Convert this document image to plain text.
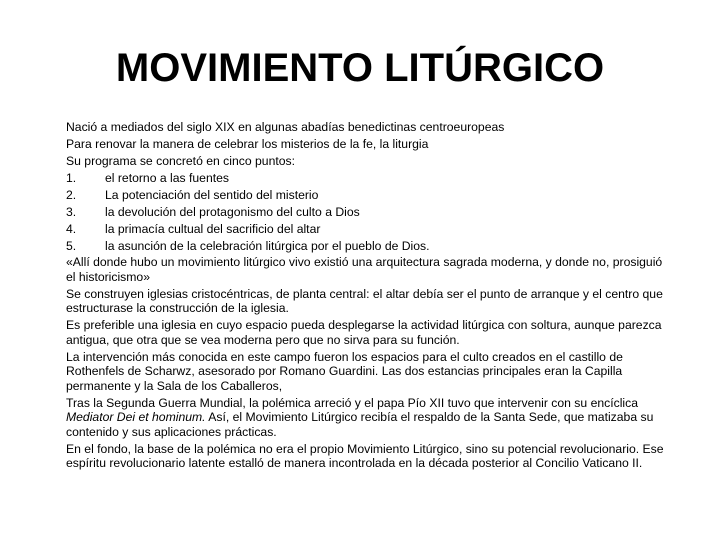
MOVIMIENTO LITÚRGICO

Nació a mediados del siglo XIX en algunas abadías benedictinas centroeuropeas

Para renovar la manera de celebrar los misterios de la fe, la liturgia

Su programa se concretó en cinco puntos:

1.	el retorno a las fuentes
2.	La potenciación del sentido del misterio
3.	la devolución del protagonismo del culto a Dios
4.	la primacía cultual del sacrificio del altar
5.	la asunción de la celebración litúrgica por el pueblo de Dios.

«Allí donde hubo un movimiento litúrgico vivo existió una arquitectura sagrada moderna, y donde no, prosiguió el historicismo»

Se construyen iglesias cristocéntricas, de planta central: el altar debía ser el punto de arranque y el centro que estructurase la construcción de la iglesia.

Es preferible una iglesia en cuyo espacio pueda desplegarse la actividad litúrgica con soltura, aunque parezca antigua, que otra que se vea moderna pero que no sirva para su función.

La intervención más conocida en este campo fueron los espacios para el culto creados en el castillo de Rothenfels de Scharwz, asesorado por Romano Guardini. Las dos estancias principales eran la Capilla permanente y la Sala de los Caballeros,

Tras la Segunda Guerra Mundial, la polémica arreció y el papa Pío XII tuvo que intervenir con su encíclica Mediator Dei et hominum. Así, el Movimiento Litúrgico recibía el respaldo de la Santa Sede, que matizaba su contenido y sus aplicaciones prácticas.

En el fondo, la base de la polémica no era el propio Movimiento Litúrgico, sino su potencial revolucionario. Ese espíritu revolucionario latente estalló de manera incontrolada en la década posterior al Concilio Vaticano II.
